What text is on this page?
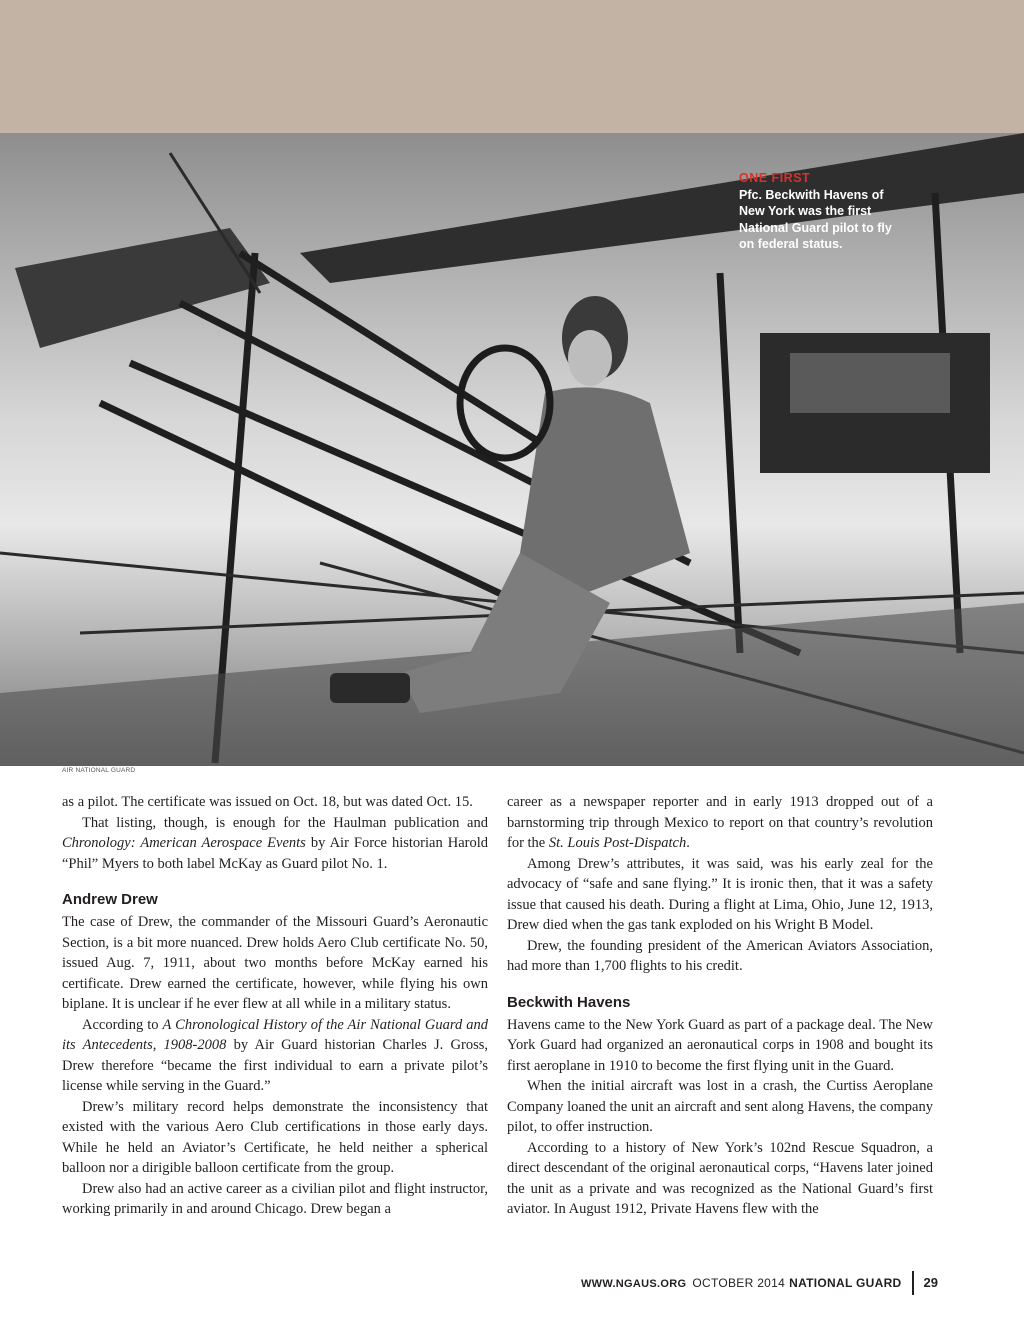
ONE FIRST
Pfc. Beckwith Havens of New York was the first National Guard pilot to fly on federal status.
AIR NATIONAL GUARD

as a pilot. The certificate was issued on Oct. 18, but was dated Oct. 15.

That listing, though, is enough for the Haulman publication and Chronology: American Aerospace Events by Air Force historian Harold “Phil” Myers to both label McKay as Guard pilot No. 1.

Andrew Drew

The case of Drew, the commander of the Missouri Guard’s Aeronautic Section, is a bit more nuanced. Drew holds Aero Club certificate No. 50, issued Aug. 7, 1911, about two months before McKay earned his certificate. Drew earned the certificate, however, while flying his own biplane. It is unclear if he ever flew at all while in a military status.

According to A Chronological History of the Air National Guard and its Antecedents, 1908-2008 by Air Guard historian Charles J. Gross, Drew therefore “became the first individual to earn a private pilot’s license while serving in the Guard.”

Drew’s military record helps demonstrate the inconsistency that existed with the various Aero Club certifications in those early days. While he held an Aviator’s Certificate, he held neither a spherical balloon nor a dirigible balloon certificate from the group.

Drew also had an active career as a civilian pilot and flight instructor, working primarily in and around Chicago. Drew began a

career as a newspaper reporter and in early 1913 dropped out of a barnstorming trip through Mexico to report on that country’s revolution for the St. Louis Post-Dispatch.

Among Drew’s attributes, it was said, was his early zeal for the advocacy of “safe and sane flying.” It is ironic then, that it was a safety issue that caused his death. During a flight at Lima, Ohio, June 12, 1913, Drew died when the gas tank exploded on his Wright B Model.

Drew, the founding president of the American Aviators Association, had more than 1,700 flights to his credit.

Beckwith Havens

Havens came to the New York Guard as part of a package deal. The New York Guard had organized an aeronautical corps in 1908 and bought its first aeroplane in 1910 to become the first flying unit in the Guard.

When the initial aircraft was lost in a crash, the Curtiss Aeroplane Company loaned the unit an aircraft and sent along Havens, the company pilot, to offer instruction.

According to a history of New York’s 102nd Rescue Squadron, a direct descendant of the original aeronautical corps, “Havens later joined the unit as a private and was recognized as the National Guard’s first aviator. In August 1912, Private Havens flew with the

WWW.NGAUS.ORG OCTOBER 2014 NATIONAL GUARD 29
